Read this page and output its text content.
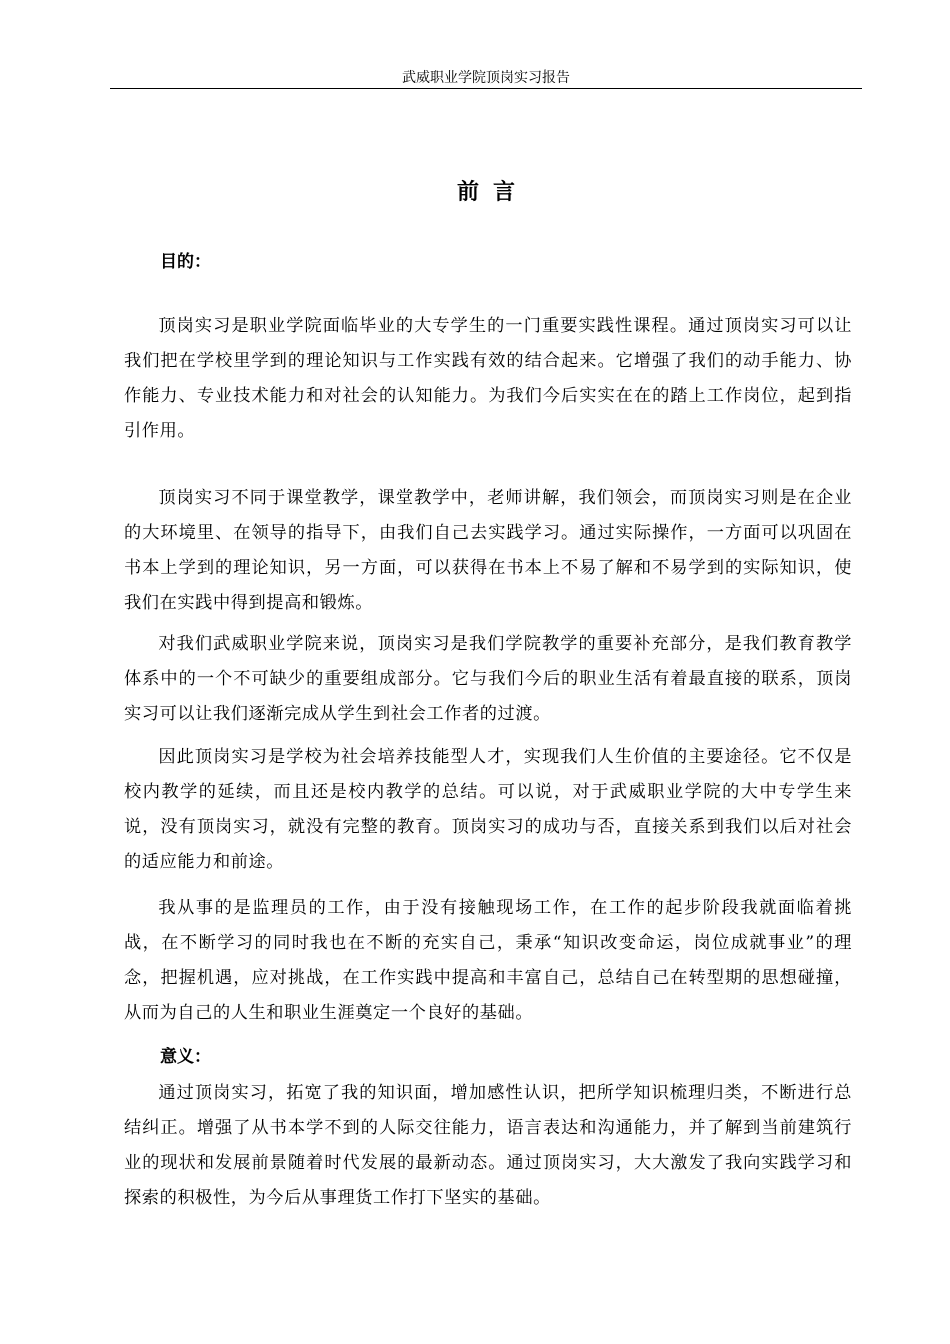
武威职业学院顶岗实习报告
前言
目的：

顶岗实习是职业学院面临毕业的大专学生的一门重要实践性课程。通过顶岗实习可以让我们把在学校里学到的理论知识与工作实践有效的结合起来。它增强了我们的动手能力、协作能力、专业技术能力和对社会的认知能力。为我们今后实实在在的踏上工作岗位，起到指引作用。

顶岗实习不同于课堂教学，课堂教学中，老师讲解，我们领会，而顶岗实习则是在企业的大环境里、在领导的指导下，由我们自己去实践学习。通过实际操作，一方面可以巩固在书本上学到的理论知识，另一方面，可以获得在书本上不易了解和不易学到的实际知识，使我们在实践中得到提高和锻炼。

对我们武威职业学院来说，顶岗实习是我们学院教学的重要补充部分，是我们教育教学体系中的一个不可缺少的重要组成部分。它与我们今后的职业生活有着最直接的联系，顶岗实习可以让我们逐渐完成从学生到社会工作者的过渡。

因此顶岗实习是学校为社会培养技能型人才，实现我们人生价值的主要途径。它不仅是校内教学的延续，而且还是校内教学的总结。可以说，对于武威职业学院的大中专学生来说，没有顶岗实习，就没有完整的教育。顶岗实习的成功与否，直接关系到我们以后对社会的适应能力和前途。

我从事的是监理员的工作，由于没有接触现场工作，在工作的起步阶段我就面临着挑战，在不断学习的同时我也在不断的充实自己，秉承“知识改变命运，岗位成就事业”的理念，把握机遇，应对挑战，在工作实践中提高和丰富自己，总结自己在转型期的思想碰撞，从而为自己的人生和职业生涯奠定一个良好的基础。

意义：

通过顶岗实习，拓宽了我的知识面，增加感性认识，把所学知识梳理归类，不断进行总结纠正。增强了从书本学不到的人际交往能力，语言表达和沟通能力，并了解到当前建筑行业的现状和发展前景随着时代发展的最新动态。通过顶岗实习，大大激发了我向实践学习和探索的积极性，为今后从事理货工作打下坚实的基础。
